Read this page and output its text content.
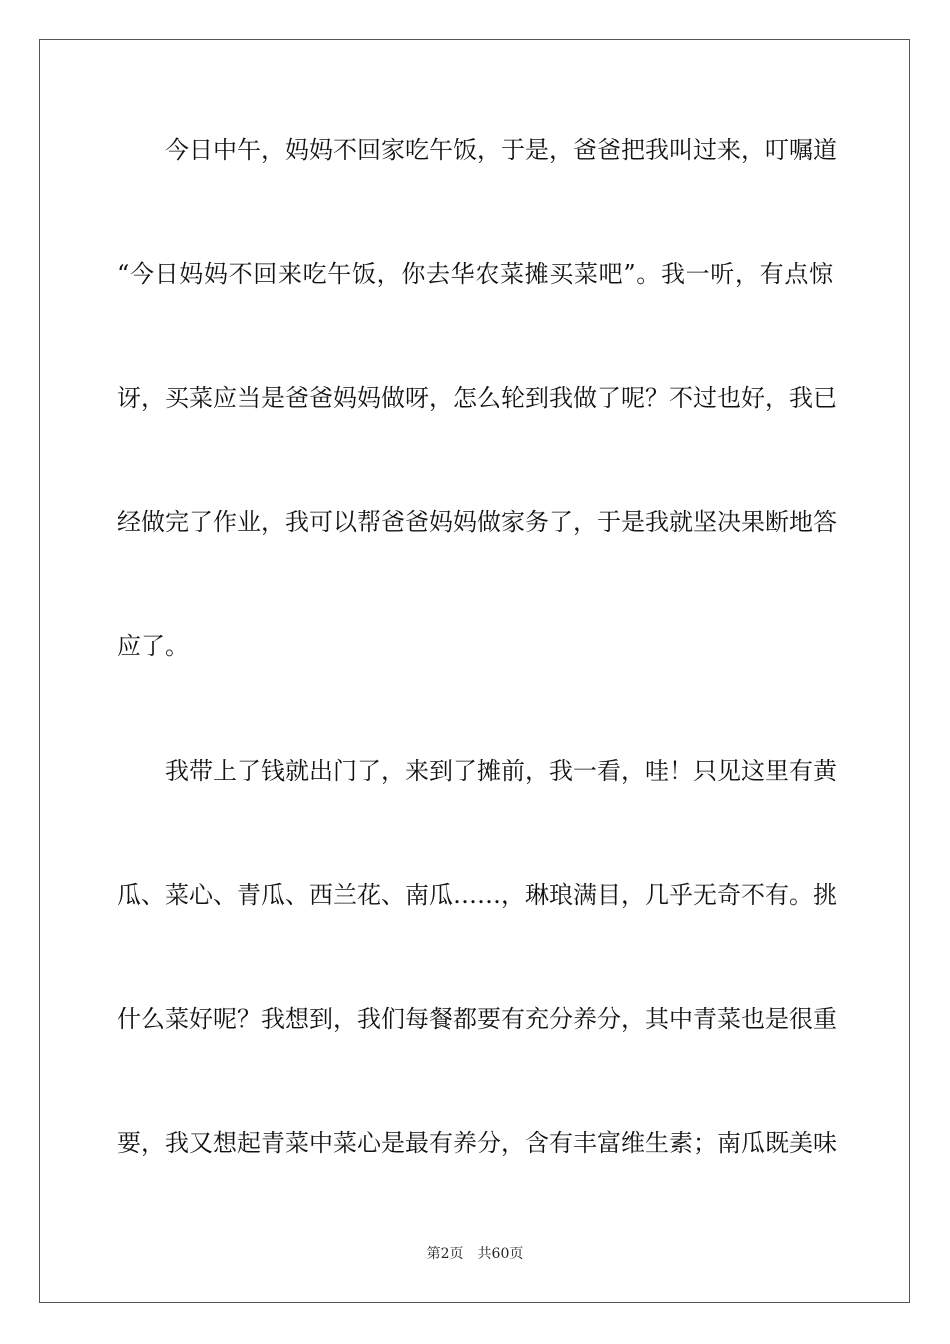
　　今日中午，妈妈不回家吃午饭，于是，爸爸把我叫过来，叮嘱道

“今日妈妈不回来吃午饭，你去华农菜摊买菜吧”。我一听，有点惊

讶，买菜应当是爸爸妈妈做呀，怎么轮到我做了呢？不过也好，我已

经做完了作业，我可以帮爸爸妈妈做家务了，于是我就坚决果断地答

应了。

　　我带上了钱就出门了，来到了摊前，我一看，哇！只见这里有黄

瓜、菜心、青瓜、西兰花、南瓜……，琳琅满目，几乎无奇不有。挑

什么菜好呢？我想到，我们每餐都要有充分养分，其中青菜也是很重

要，我又想起青菜中菜心是最有养分，含有丰富维生素；南瓜既美味

第2页　共60页
